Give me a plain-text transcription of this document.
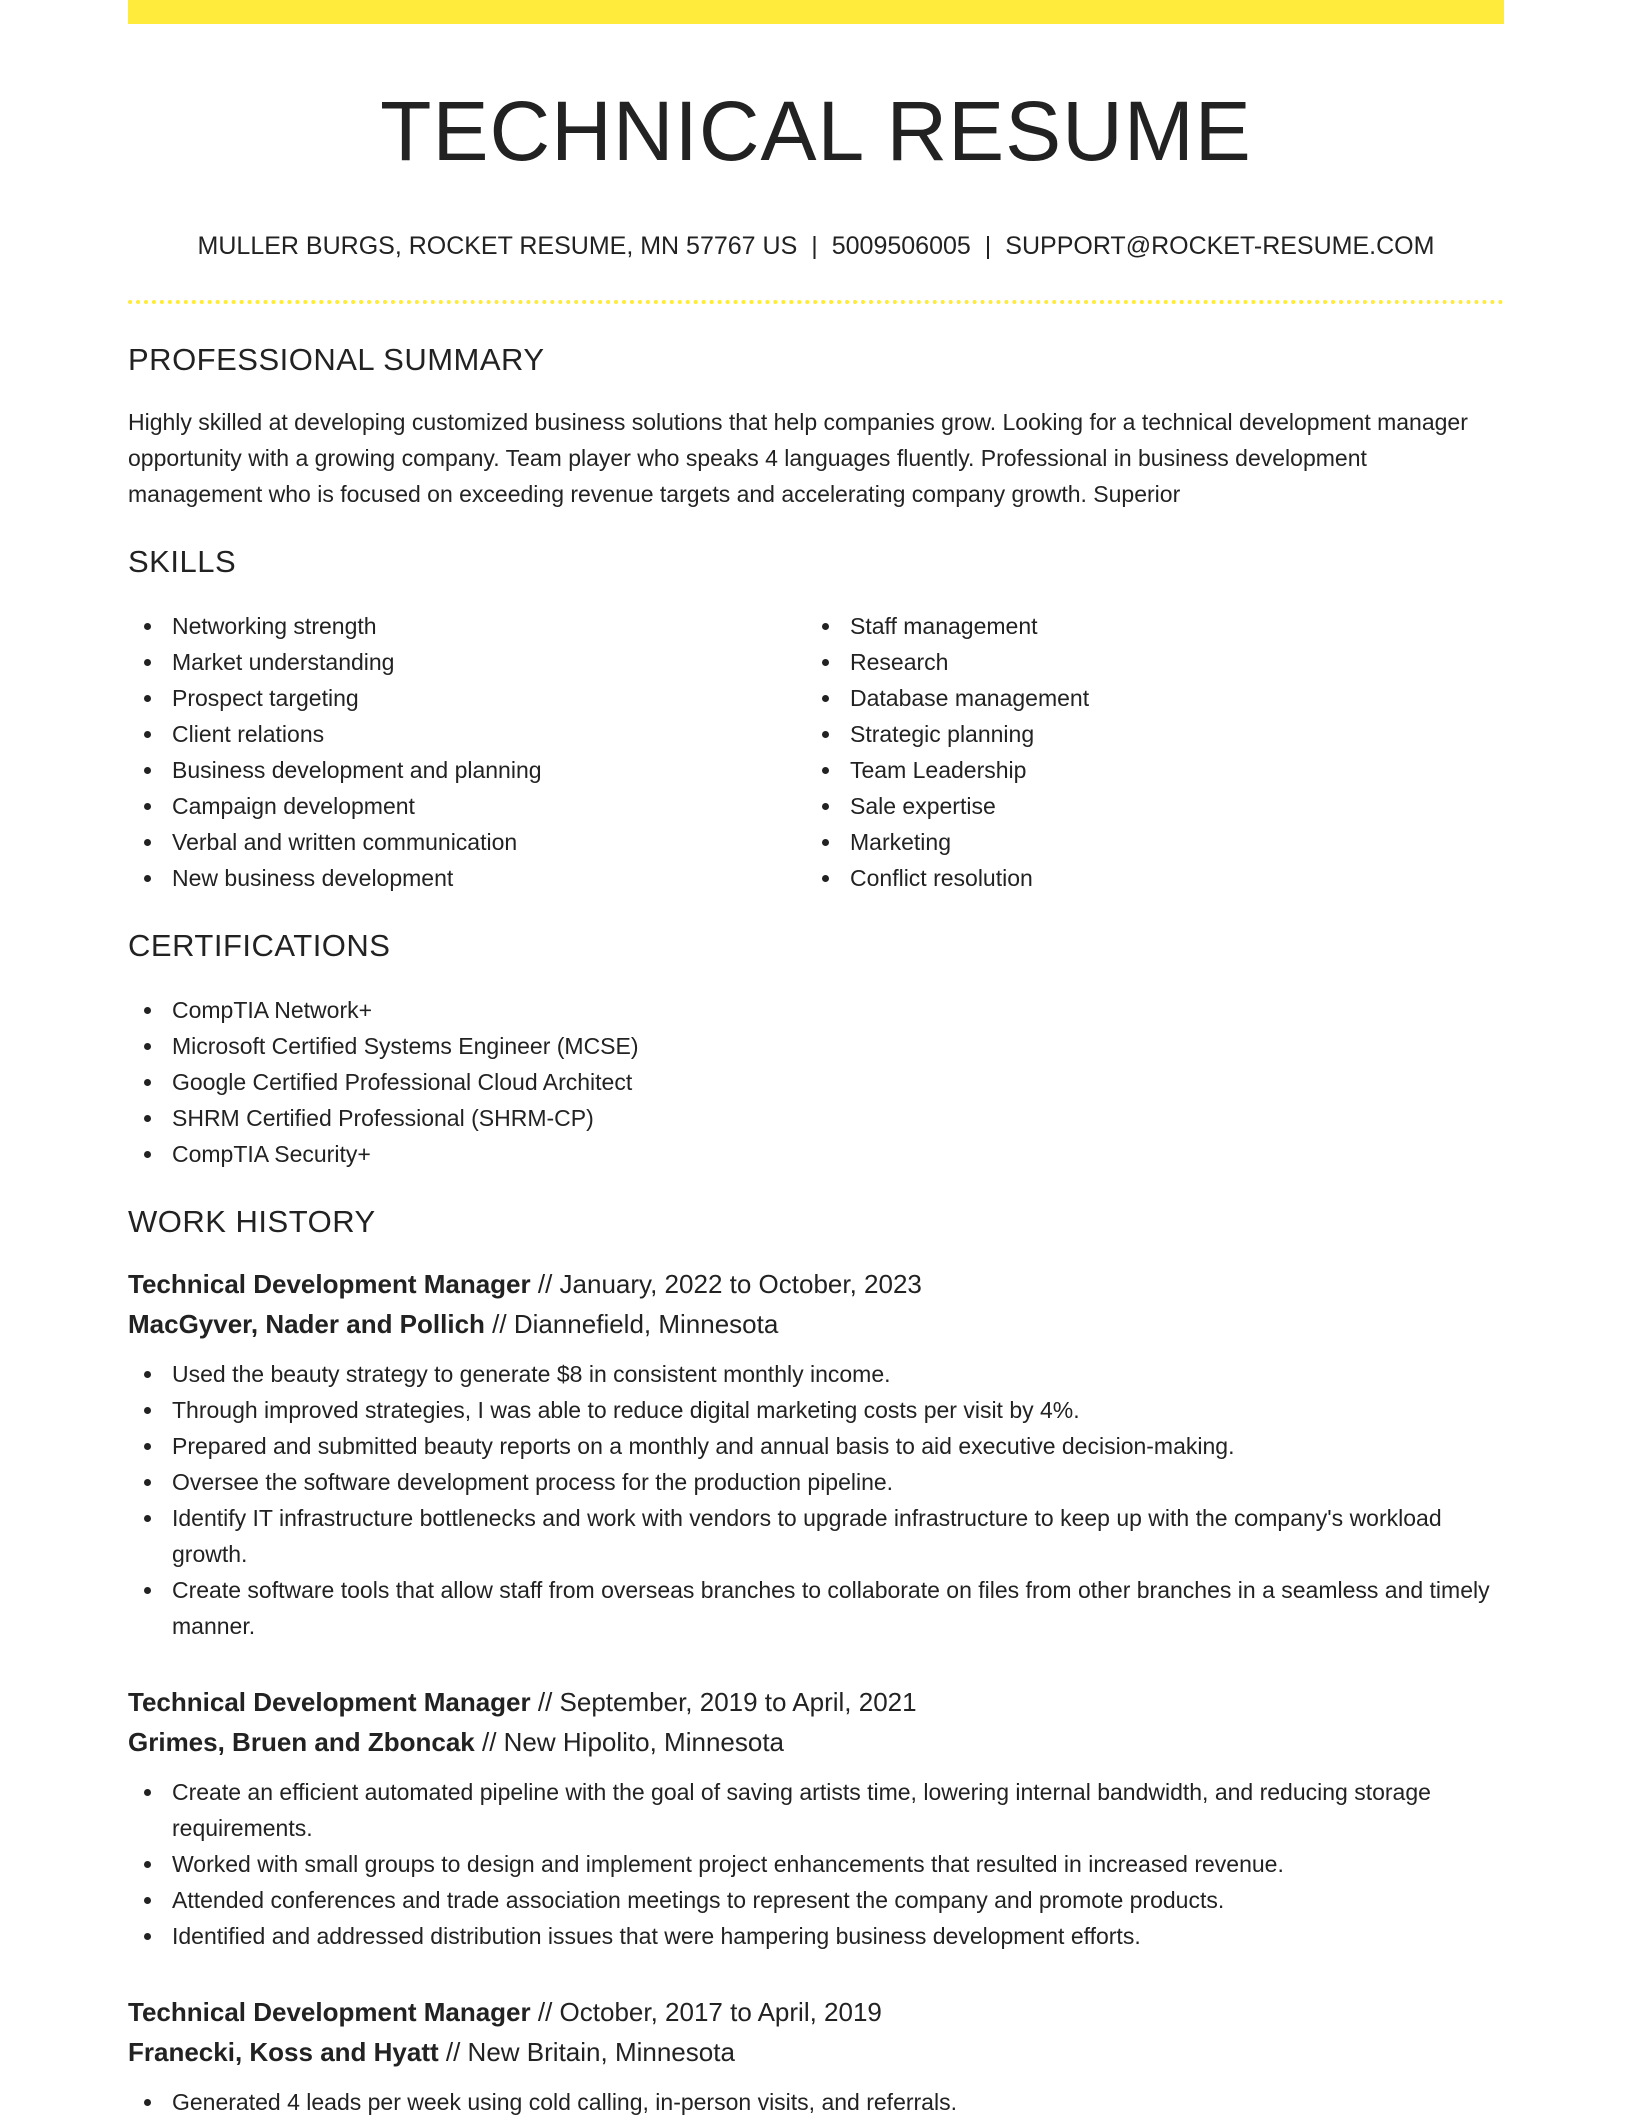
TECHNICAL RESUME
MULLER BURGS, ROCKET RESUME, MN 57767 US | 5009506005 | SUPPORT@ROCKET-RESUME.COM
PROFESSIONAL SUMMARY

Highly skilled at developing customized business solutions that help companies grow. Looking for a technical development manager opportunity with a growing company. Team player who speaks 4 languages fluently. Professional in business development management who is focused on exceeding revenue targets and accelerating company growth. Superior

SKILLS
Networking strength
Market understanding
Prospect targeting
Client relations
Business development and planning
Campaign development
Verbal and written communication
New business development
Staff management
Research
Database management
Strategic planning
Team Leadership
Sale expertise
Marketing
Conflict resolution
CERTIFICATIONS
CompTIA Network+
Microsoft Certified Systems Engineer (MCSE)
Google Certified Professional Cloud Architect
SHRM Certified Professional (SHRM-CP)
CompTIA Security+
WORK HISTORY
Technical Development Manager // January, 2022 to October, 2023
MacGyver, Nader and Pollich // Diannefield, Minnesota
Used the beauty strategy to generate $8 in consistent monthly income.
Through improved strategies, I was able to reduce digital marketing costs per visit by 4%.
Prepared and submitted beauty reports on a monthly and annual basis to aid executive decision-making.
Oversee the software development process for the production pipeline.
Identify IT infrastructure bottlenecks and work with vendors to upgrade infrastructure to keep up with the company's workload growth.
Create software tools that allow staff from overseas branches to collaborate on files from other branches in a seamless and timely manner.
Technical Development Manager // September, 2019 to April, 2021
Grimes, Bruen and Zboncak // New Hipolito, Minnesota
Create an efficient automated pipeline with the goal of saving artists time, lowering internal bandwidth, and reducing storage requirements.
Worked with small groups to design and implement project enhancements that resulted in increased revenue.
Attended conferences and trade association meetings to represent the company and promote products.
Identified and addressed distribution issues that were hampering business development efforts.
Technical Development Manager // October, 2017 to April, 2019
Franecki, Koss and Hyatt // New Britain, Minnesota
Generated 4 leads per week using cold calling, in-person visits, and referrals.
